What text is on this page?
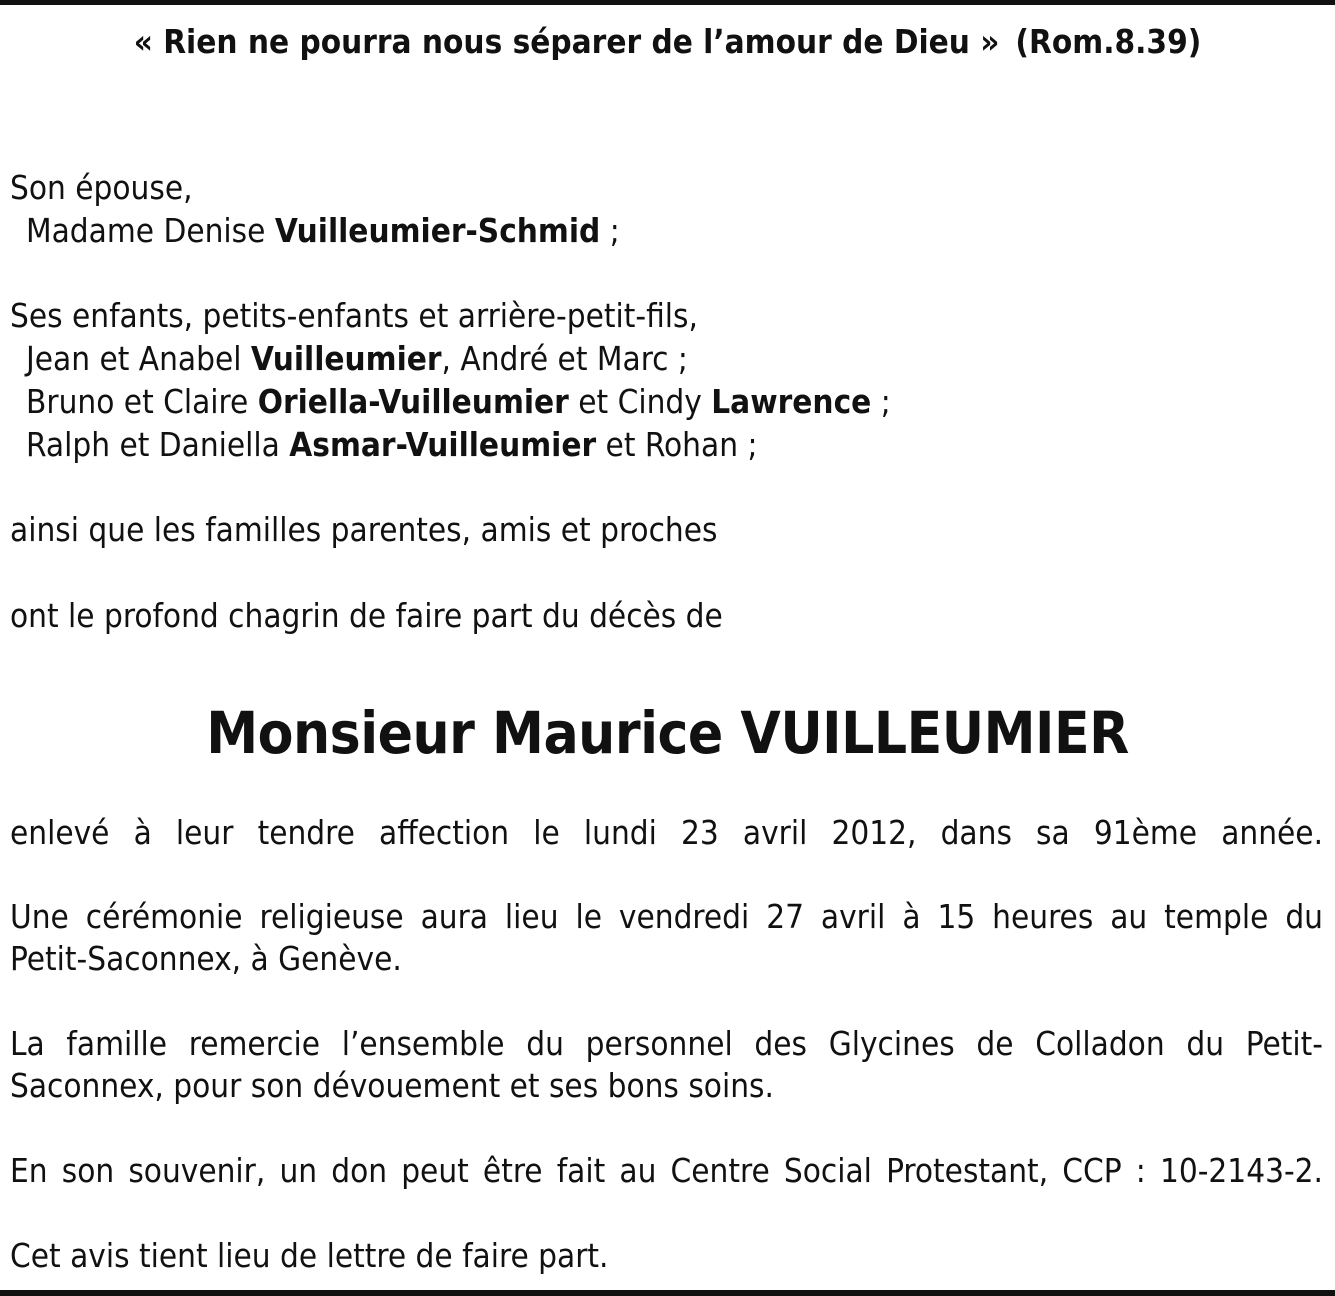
« Rien ne pourra nous séparer de l’amour de Dieu » (Rom.8.39)
Son épouse,
Madame Denise Vuilleumier-Schmid ;
Ses enfants, petits-enfants et arrière-petit-fils,
Jean et Anabel Vuilleumier, André et Marc ;
Bruno et Claire Oriella-Vuilleumier et Cindy Lawrence ;
Ralph et Daniella Asmar-Vuilleumier et Rohan ;
ainsi que les familles parentes, amis et proches
ont le profond chagrin de faire part du décès de
Monsieur Maurice VUILLEUMIER
enlevé à leur tendre affection le lundi 23 avril 2012, dans sa 91ème année.
Une cérémonie religieuse aura lieu le vendredi 27 avril à 15 heures au temple du
Petit-Saconnex, à Genève.
La famille remercie l’ensemble du personnel des Glycines de Colladon du Petit-
Saconnex, pour son dévouement et ses bons soins.
En son souvenir, un don peut être fait au Centre Social Protestant, CCP : 10-2143-2.
Cet avis tient lieu de lettre de faire part.
